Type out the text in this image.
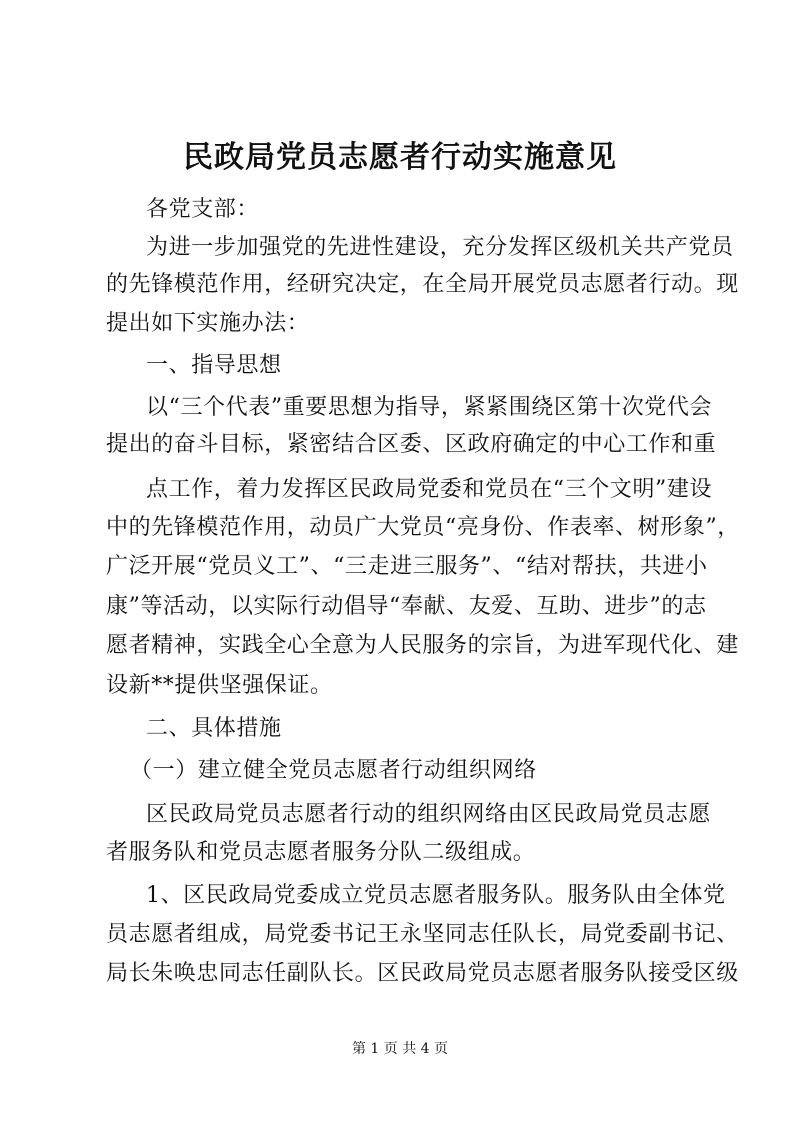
民政局党员志愿者行动实施意见
各党支部：
为进一步加强党的先进性建设，充分发挥区级机关共产党员
的先锋模范作用，经研究决定，在全局开展党员志愿者行动。现
提出如下实施办法：
一、指导思想
以“三个代表”重要思想为指导，紧紧围绕区第十次党代会
提出的奋斗目标，紧密结合区委、区政府确定的中心工作和重
点工作，着力发挥区民政局党委和党员在“三个文明”建设
中的先锋模范作用，动员广大党员“亮身份、作表率、树形象”，
广泛开展“党员义工”、“三走进三服务”、“结对帮扶，共进小
康”等活动，以实际行动倡导“奉献、友爱、互助、进步”的志
愿者精神，实践全心全意为人民服务的宗旨，为进军现代化、建
设新**提供坚强保证。
二、具体措施
（一）建立健全党员志愿者行动组织网络
区民政局党员志愿者行动的组织网络由区民政局党员志愿
者服务队和党员志愿者服务分队二级组成。
1、区民政局党委成立党员志愿者服务队。服务队由全体党
员志愿者组成，局党委书记王永坚同志任队长，局党委副书记、
局长朱唤忠同志任副队长。区民政局党员志愿者服务队接受区级
第 1 页 共 4 页
